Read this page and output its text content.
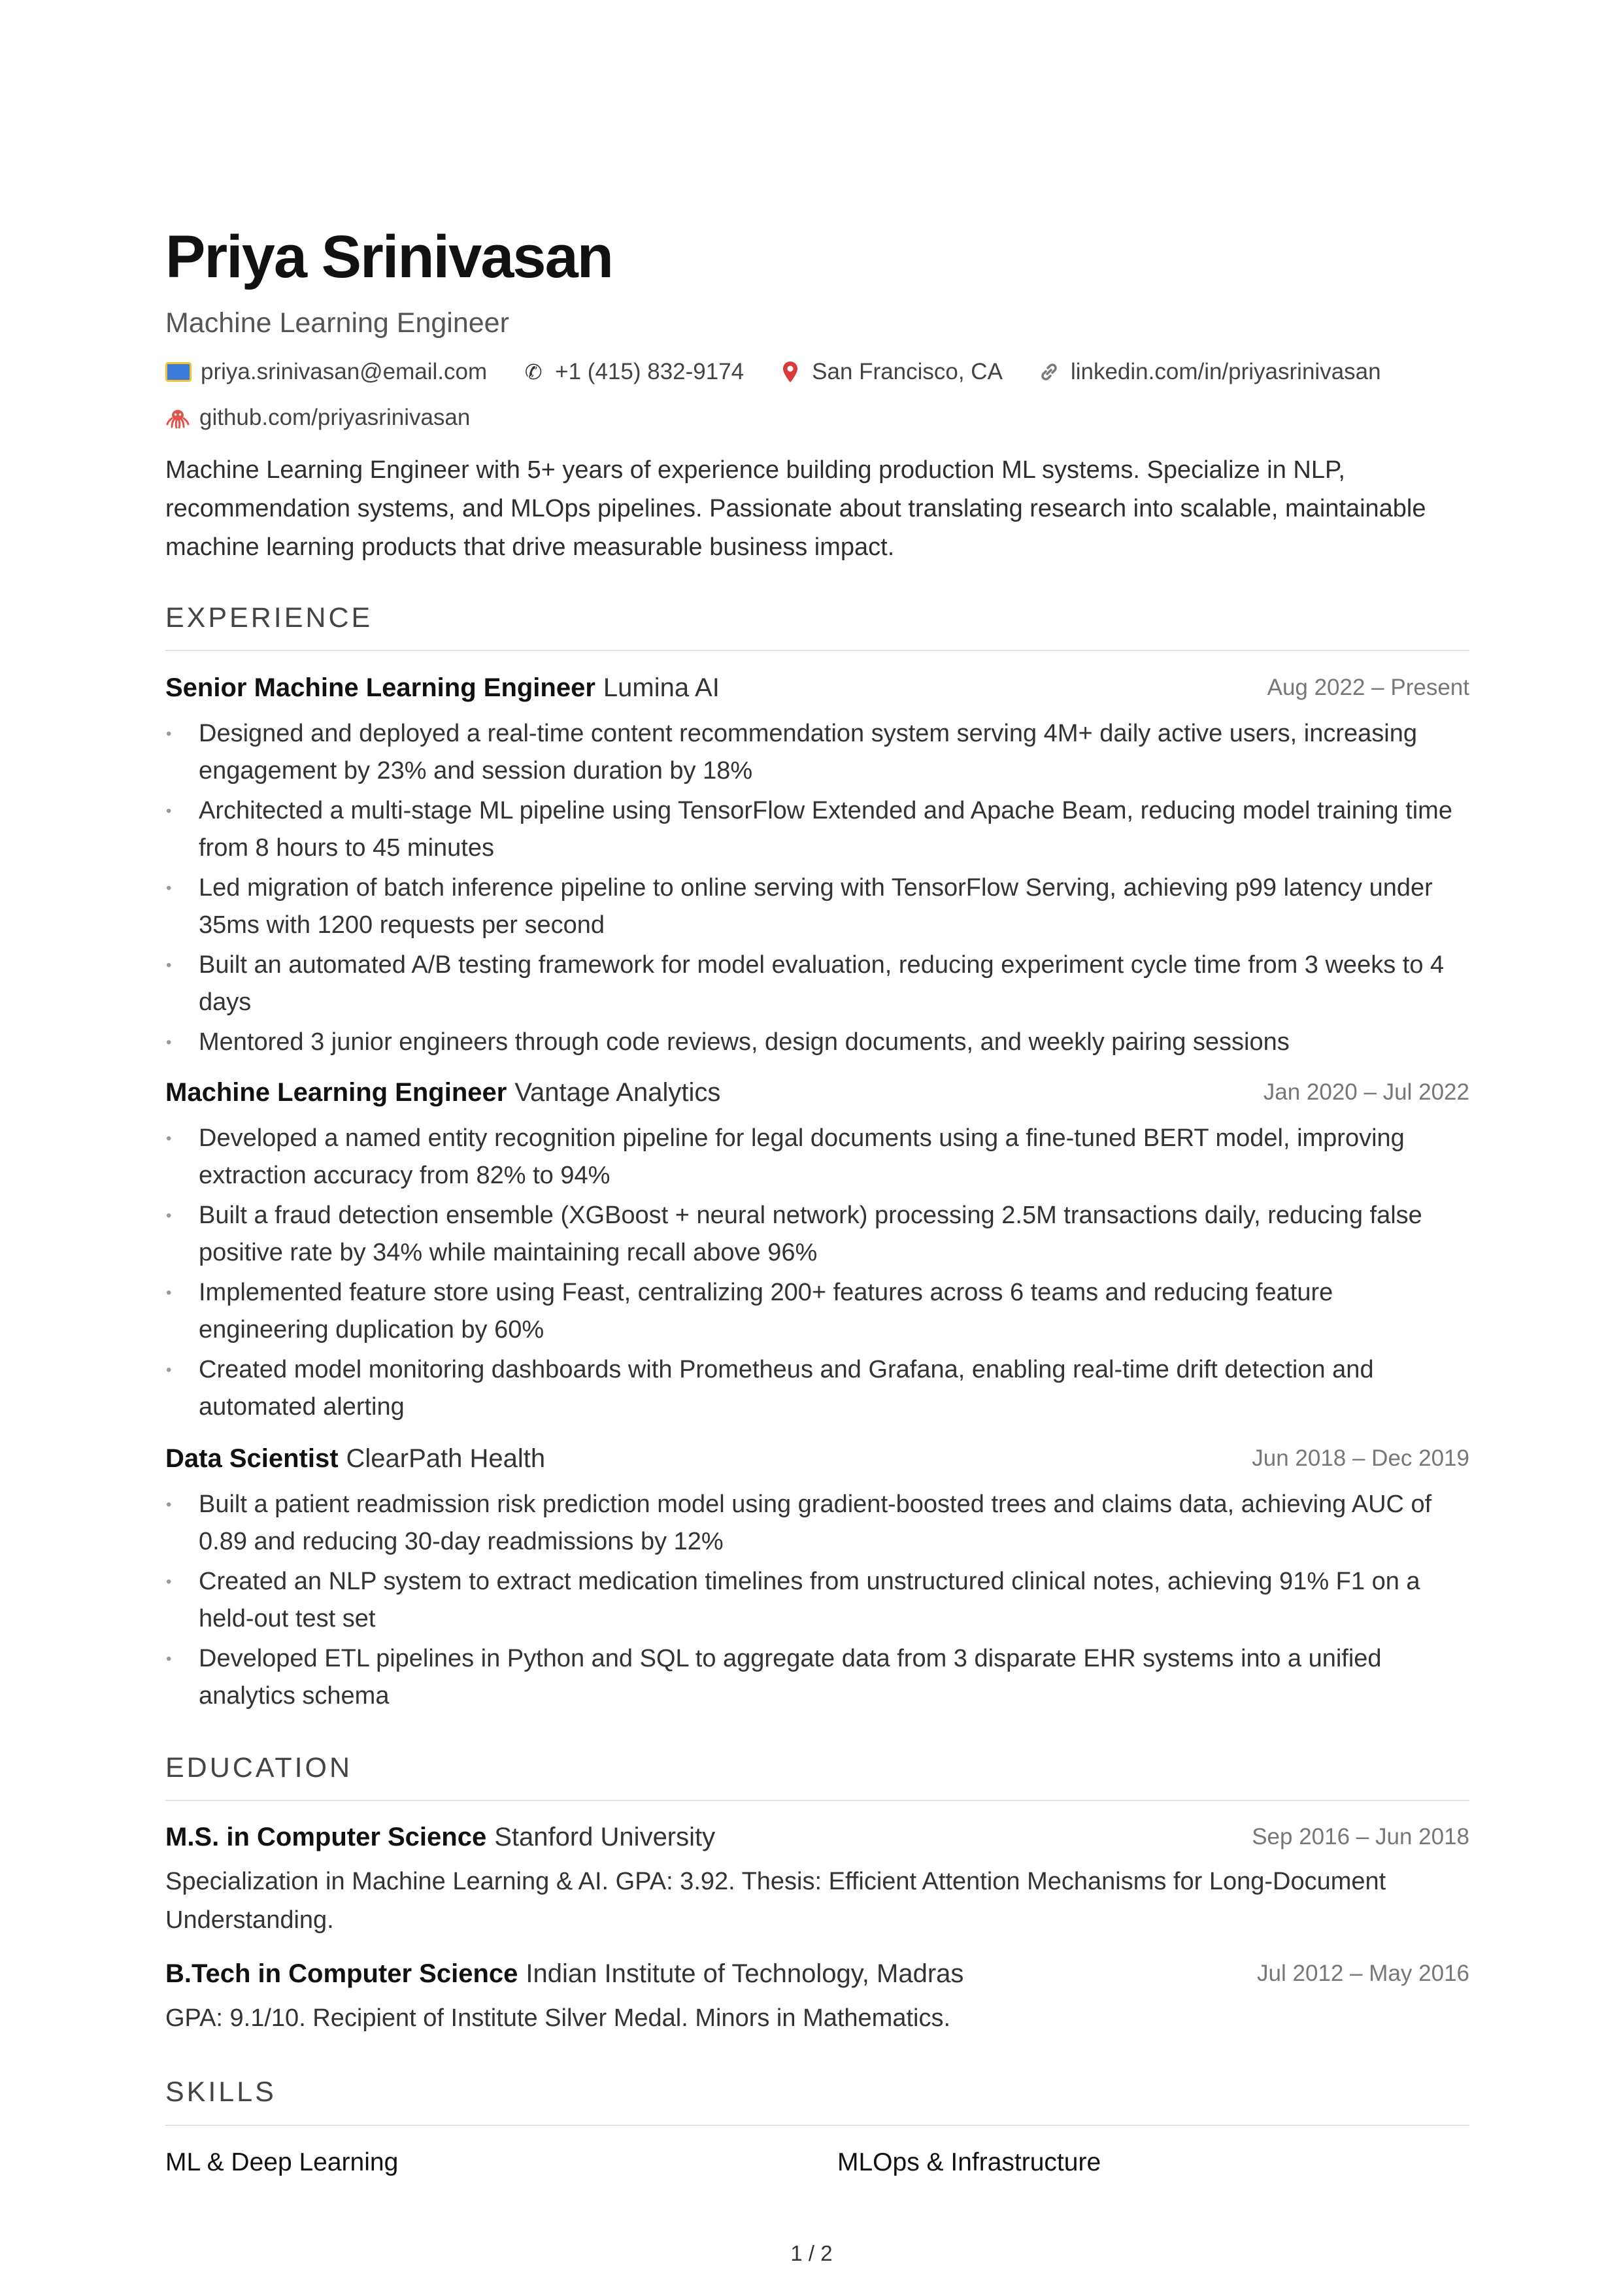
Priya Srinivasan
Machine Learning Engineer
priya.srinivasan@email.com ✆ +1 (415) 832-9174	San Francisco, CA	linkedin.com/in/priyasrinivasan
github.com/priyasrinivasan
Machine Learning Engineer with 5+ years of experience building production ML systems. Specialize in NLP, recommendation systems, and MLOps pipelines. Passionate about translating research into scalable, maintainable machine learning products that drive measurable business impact.
EXPERIENCE
Senior Machine Learning Engineer Lumina AI	Aug 2022 – Present
• Designed and deployed a real-time content recommendation system serving 4M+ daily active users, increasing engagement by 23% and session duration by 18%
• Architected a multi-stage ML pipeline using TensorFlow Extended and Apache Beam, reducing model training time from 8 hours to 45 minutes
• Led migration of batch inference pipeline to online serving with TensorFlow Serving, achieving p99 latency under 35ms with 1200 requests per second
• Built an automated A/B testing framework for model evaluation, reducing experiment cycle time from 3 weeks to 4 days
• Mentored 3 junior engineers through code reviews, design documents, and weekly pairing sessions
Machine Learning Engineer Vantage Analytics	Jan 2020 – Jul 2022
• Developed a named entity recognition pipeline for legal documents using a fine-tuned BERT model, improving extraction accuracy from 82% to 94%
• Built a fraud detection ensemble (XGBoost + neural network) processing 2.5M transactions daily, reducing false positive rate by 34% while maintaining recall above 96%
• Implemented feature store using Feast, centralizing 200+ features across 6 teams and reducing feature engineering duplication by 60%
• Created model monitoring dashboards with Prometheus and Grafana, enabling real-time drift detection and automated alerting
Data Scientist ClearPath Health	Jun 2018 – Dec 2019
• Built a patient readmission risk prediction model using gradient-boosted trees and claims data, achieving AUC of 0.89 and reducing 30-day readmissions by 12%
• Created an NLP system to extract medication timelines from unstructured clinical notes, achieving 91% F1 on a held-out test set
• Developed ETL pipelines in Python and SQL to aggregate data from 3 disparate EHR systems into a unified analytics schema
EDUCATION
M.S. in Computer Science Stanford University	Sep 2016 – Jun 2018
Specialization in Machine Learning & AI. GPA: 3.92. Thesis: Efficient Attention Mechanisms for Long-Document Understanding.
B.Tech in Computer Science Indian Institute of Technology, Madras	Jul 2012 – May 2016
GPA: 9.1/10. Recipient of Institute Silver Medal. Minors in Mathematics.
SKILLS
ML & Deep Learning	MLOps & Infrastructure
1 / 2
